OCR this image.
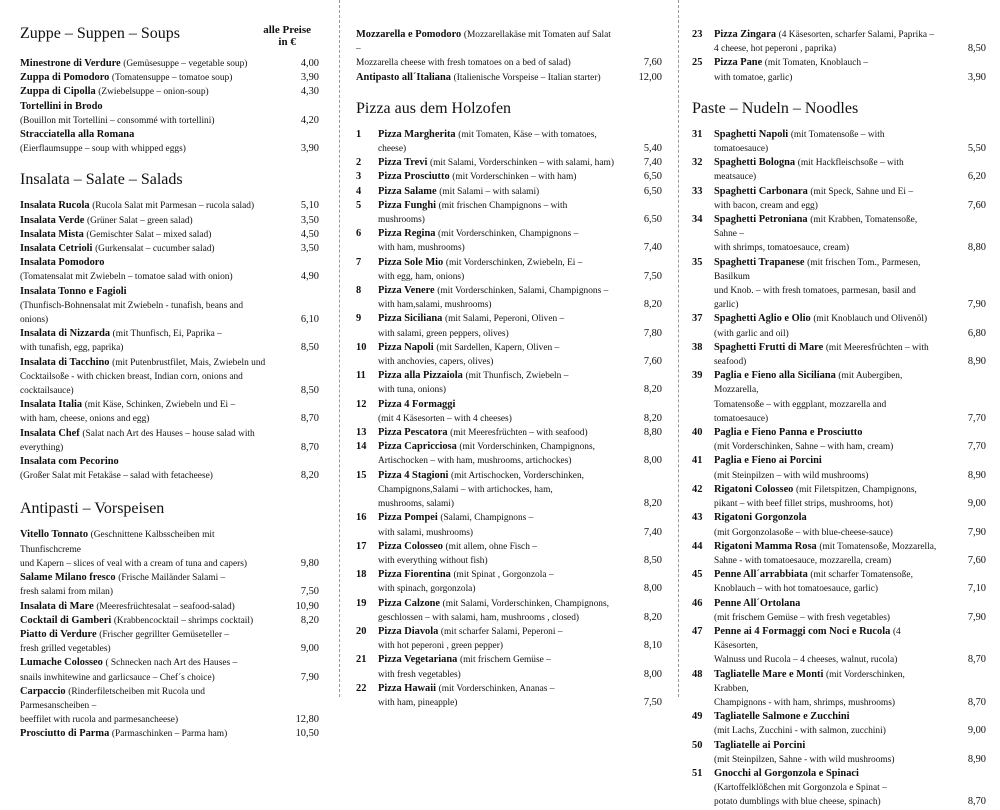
Zuppe – Suppen – Soups	alle Preise
in €
Minestrone di Verdure (Gemüsesuppe – vegetable soup)	4,00
Zuppa di Pomodoro (Tomatensuppe – tomatoe soup)	3,90
Zuppa di Cipolla (Zwiebelsuppe – onion-soup)	4,30
Tortellini in Brodo
(Bouillon mit Tortellini – consommé with tortellini)	4,20
Stracciatella alla Romana
(Eierflaumsuppe – soup with whipped eggs)	3,90
Insalata – Salate – Salads
Insalata Rucola (Rucola Salat mit Parmesan – rucola salad)	5,10
Insalata Verde (Grüner Salat – green salad)	3,50
Insalata Mista (Gemischter Salat – mixed salad)	4,50
Insalata Cetrioli (Gurkensalat – cucumber salad)	3,50
Insalata Pomodoro
(Tomatensalat mit Zwiebeln – tomatoe salad with onion)	4,90
Insalata Tonno e Fagioli
(Thunfisch-Bohnensalat mit Zwiebeln - tunafish, beans and onions)	6,10
Insalata di Nizzarda (mit Thunfisch, Ei, Paprika –
with tunafish, egg, paprika)	8,50
Insalata di Tacchino (mit Putenbrustfilet, Mais, Zwiebeln und
Cocktailsoße - with chicken breast, Indian corn, onions and cocktailsauce)	8,50
Insalata Italia (mit Käse, Schinken, Zwiebeln und Ei –
with ham, cheese, onions and egg)	8,70
Insalata Chef (Salat nach Art des Hauses – house salad with everything)	8,70
Insalata com Pecorino
(Großer Salat mit Fetakäse – salad with fetacheese)	8,20
Antipasti – Vorspeisen
Vitello Tonnato (Geschnittene Kalbsscheiben mit Thunfischcreme
und Kapern – slices of veal with a cream of tuna and capers)	9,80
Salame Milano fresco (Frische Mailänder Salami –
fresh salami from milan)	7,50
Insalata di Mare (Meeresfrüchtesalat – seafood-salad)	10,90
Cocktail di Gamberi (Krabbencocktail – shrimps cocktail)	8,20
Piatto di Verdure (Frischer gegrillter Gemüseteller –
fresh grilled vegetables)	9,00
Lumache Colosseo ( Schnecken nach Art des Hauses –
snails inwhitewine and garlicsauce – Chef´s choice)	7,90
Carpaccio (Rinderfiletscheiben mit Rucola und Parmesanscheiben –
beeffilet with rucola and parmesancheese)	12,80
Prosciutto di Parma (Parmaschinken – Parma ham)	10,50
Mozzarella e Pomodoro (Mozzarellakäse mit Tomaten auf Salat –
Mozzarella cheese with fresh tomatoes on a bed of salad)	7,60
Antipasto all´Italiana (Italienische Vorspeise – Italian starter)	12,00
Pizza aus dem Holzofen
1	Pizza Margherita (mit Tomaten, Käse – with tomatoes, cheese)	5,40
2	Pizza Trevi (mit Salami, Vorderschinken – with salami, ham)	7,40
3	Pizza Prosciutto (mit Vorderschinken – with ham)	6,50
4	Pizza Salame (mit Salami – with salami)	6,50
5	Pizza Funghi (mit frischen Champignons – with mushrooms)	6,50
6	Pizza Regina (mit Vorderschinken, Champignons –
with ham, mushrooms)	7,40
7	Pizza Sole Mio (mit Vorderschinken, Zwiebeln, Ei –
with egg, ham, onions)	7,50
8	Pizza Venere (mit Vorderschinken, Salami, Champignons –
with ham,salami, mushrooms)	8,20
9	Pizza Siciliana (mit Salami, Peperoni, Oliven –
with salami, green peppers, olives)	7,80
10	Pizza Napoli (mit Sardellen, Kapern, Oliven –
with anchovies, capers, olives)	7,60
11	Pizza alla Pizzaiola (mit Thunfisch, Zwiebeln –
with tuna, onions)	8,20
12	Pizza 4 Formaggi
(mit 4 Käsesorten – with 4 cheeses)	8,20
13	Pizza Pescatora (mit Meeresfrüchten – with seafood)	8,80
14	Pizza Capricciosa (mit Vorderschinken, Champignons,
Artischocken – with ham, mushrooms, artichockes)	8,00
15	Pizza 4 Stagioni (mit Artischocken, Vorderschinken,
Champignons,Salami – with artichockes, ham,
mushrooms, salami)	8,20
16	Pizza Pompei (Salami, Champignons –
with salami, mushrooms)	7,40
17	Pizza Colosseo (mit allem, ohne Fisch –
with everything without fish)	8,50
18	Pizza Fiorentina (mit Spinat , Gorgonzola –
with spinach, gorgonzola)	8,00
19	Pizza Calzone (mit Salami, Vorderschinken, Champignons,
geschlossen – with salami, ham, mushrooms , closed)	8,20
20	Pizza Diavola (mit scharfer Salami, Peperoni –
with hot peperoni , green pepper)	8,10
21	Pizza Vegetariana (mit frischem Gemüse –
with fresh vegetables)	8,00
22	Pizza Hawaii (mit Vorderschinken, Ananas –
with ham, pineapple)	7,50
23	Pizza Zingara (4 Käsesorten, scharfer Salami, Paprika –
4 cheese, hot peperoni , paprika)	8,50
25	Pizza Pane (mit Tomaten, Knoblauch –
with tomatoe, garlic)	3,90
Paste – Nudeln – Noodles
31	Spaghetti Napoli (mit Tomatensoße – with tomatoesauce)	5,50
32	Spaghetti Bologna (mit Hackfleischsoße – with meatsauce)	6,20
33	Spaghetti Carbonara (mit Speck, Sahne und Ei –
with bacon, cream and egg)	7,60
34	Spaghetti Petroniana (mit Krabben, Tomatensoße, Sahne –
with shrimps, tomatoesauce, cream)	8,80
35	Spaghetti Trapanese (mit frischen Tom., Parmesen, Basilkum
und Knob. – with fresh tomatoes, parmesan, basil and garlic)	7,90
37	Spaghetti Aglio e Olio (mit Knoblauch und Olivenöl)
(with garlic and oil)	6,80
38	Spaghetti Frutti di Mare (mit Meeresfrüchten – with seafood)	8,90
39	Paglia e Fieno alla Siciliana (mit Aubergiben, Mozzarella,
Tomatensoße – with eggplant, mozzarella and tomatoesauce)	7,70
40	Paglia e Fieno Panna e Prosciutto
(mit Vorderschinken, Sahne – with ham, cream)	7,70
41	Paglia e Fieno ai Porcini
(mit Steinpilzen – with wild mushrooms)	8,90
42	Rigatoni Colosseo (mit Filetspitzen, Champignons,
pikant – with beef fillet strips, mushrooms, hot)	9,00
43	Rigatoni Gorgonzola
(mit Gorgonzolasoße – with blue-cheese-sauce)	7,90
44	Rigatoni Mamma Rosa (mit Tomatensoße, Mozzarella,
Sahne - with tomatoesauce, mozzarella, cream)	7,60
45	Penne All´arrabbiata (mit scharfer Tomatensoße,
Knoblauch – with hot tomatoesauce, garlic)	7,10
46	Penne All´Ortolana
(mit frischem Gemüse – with fresh vegetables)	7,90
47	Penne ai 4 Formaggi com Noci e Rucola (4 Käsesorten,
Walnuss und Rucola – 4 cheeses, walnut, rucola)	8,70
48	Tagliatelle Mare e Monti (mit Vorderschinken, Krabben,
Champignons - with ham, shrimps, mushrooms)	8,70
49	Tagliatelle Salmone e Zucchini
(mit Lachs, Zucchini - with salmon, zucchini)	9,00
50	Tagliatelle ai Porcini
(mit Steinpilzen, Sahne - with wild mushrooms)	8,90
51	Gnocchi al Gorgonzola e Spinaci
(Kartoffelklößchen mit Gorgonzola e Spinat –
potato dumblings with blue cheese, spinach)	8,70
